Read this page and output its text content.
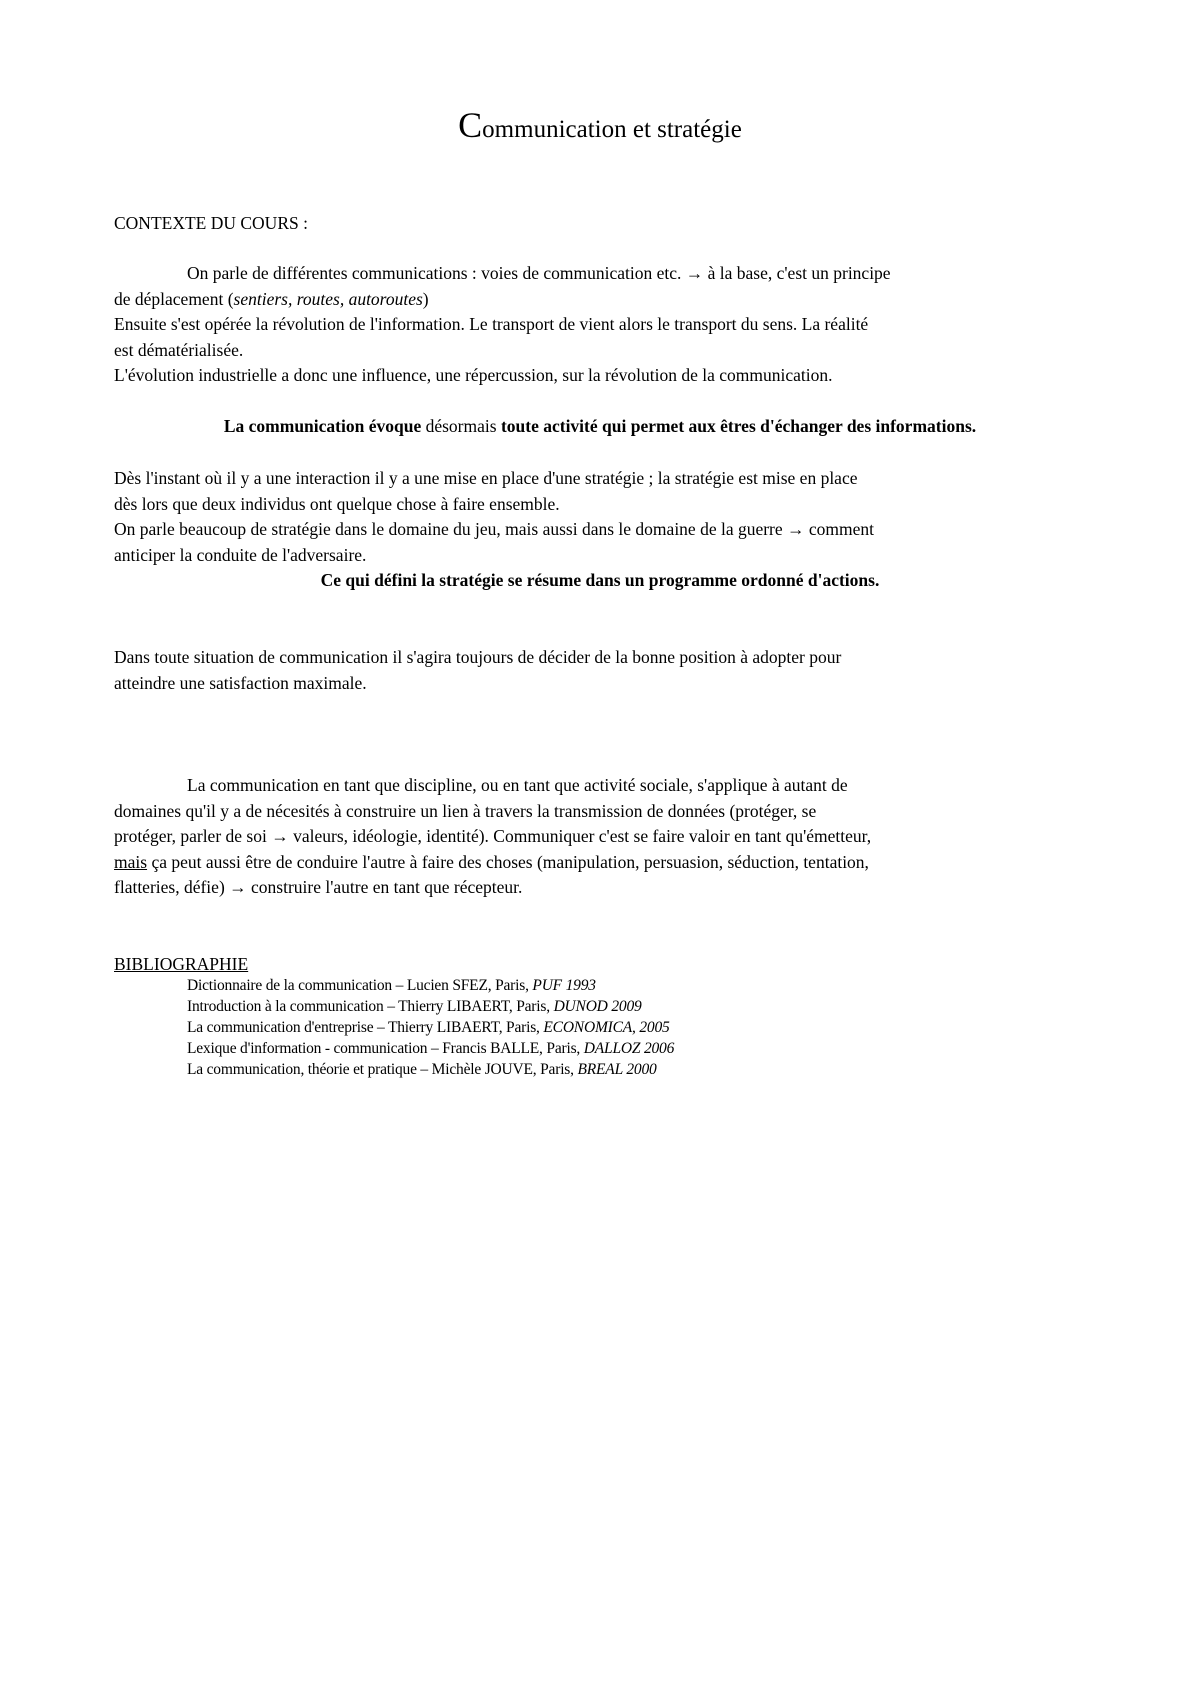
Communication et stratégie
CONTEXTE DU COURS :
On parle de différentes communications : voies de communication etc. → à la base, c'est un principe
de déplacement (sentiers, routes, autoroutes)
Ensuite s'est opérée la révolution de l'information. Le transport de vient alors le transport du sens. La réalité
est dématérialisée.
L'évolution industrielle a donc une influence, une répercussion, sur la révolution de la communication.
La communication évoque désormais toute activité qui permet aux êtres d'échanger des informations.
Dès l'instant où il y a une interaction il y a une mise en place d'une stratégie ; la stratégie est mise en place
dès lors que deux individus ont quelque chose à faire ensemble.
On parle beaucoup de stratégie dans le domaine du jeu, mais aussi dans le domaine de la guerre → comment
anticiper la conduite de l'adversaire.
Ce qui défini la stratégie se résume dans un programme ordonné d'actions.
Dans toute situation de communication il s'agira toujours de décider de la bonne position à adopter pour
atteindre une satisfaction maximale.
La communication en tant que discipline, ou en tant que activité sociale, s'applique à autant de
domaines qu'il y a de nécesités à construire un lien à travers la transmission de données (protéger, se
protéger, parler de soi → valeurs, idéologie, identité). Communiquer c'est se faire valoir en tant qu'émetteur,
mais ça peut aussi être de conduire l'autre à faire des choses (manipulation, persuasion, séduction, tentation,
flatteries, défie) → construire l'autre en tant que récepteur.
BIBLIOGRAPHIE
Dictionnaire de la communication – Lucien SFEZ, Paris, PUF 1993
Introduction à la communication – Thierry LIBAERT, Paris, DUNOD 2009
La communication d'entreprise – Thierry LIBAERT, Paris, ECONOMICA, 2005
Lexique d'information - communication – Francis BALLE, Paris, DALLOZ 2006
La communication, théorie et pratique – Michèle JOUVE, Paris, BREAL 2000
